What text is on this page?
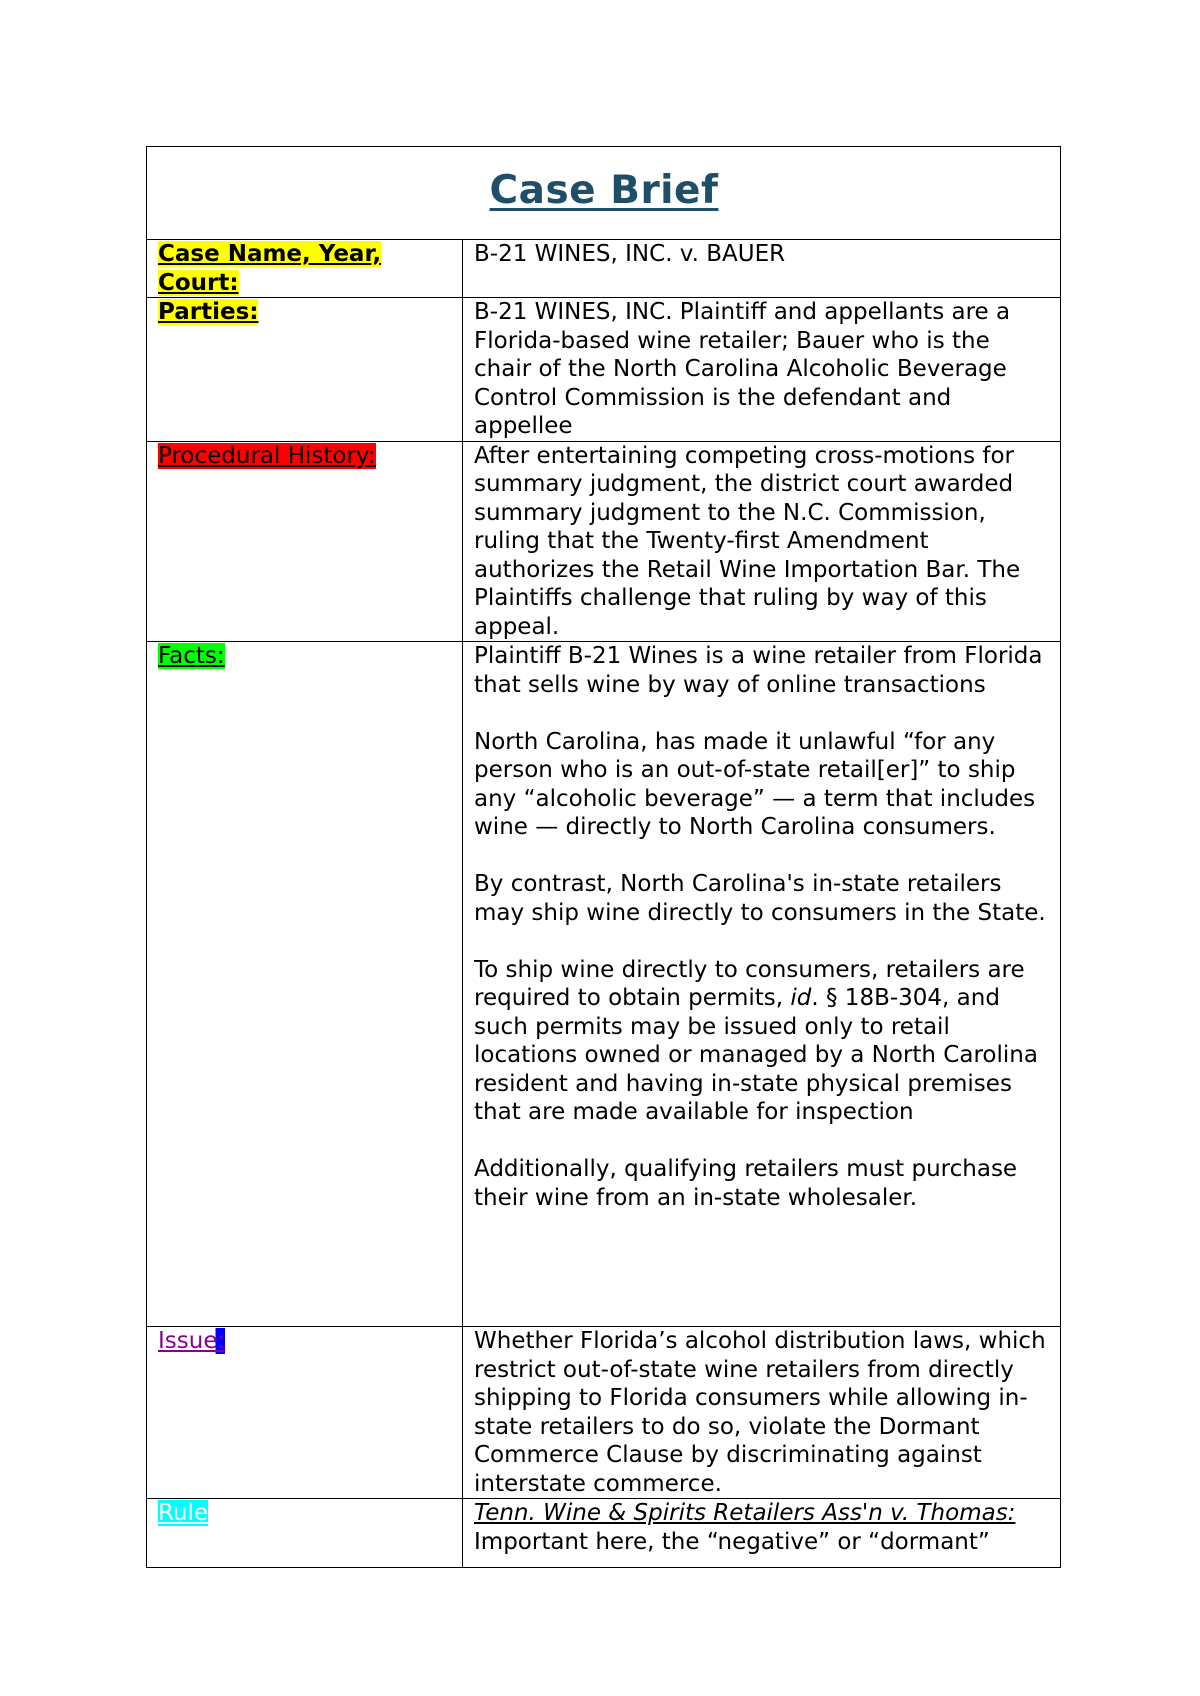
Case Brief	
Case Name, Year, Court:	B-21 WINES, INC. v. BAUER
Parties:	B-21 WINES, INC. Plaintiff and appellants are a Florida-based wine retailer; Bauer who is the chair of the North Carolina Alcoholic Beverage Control Commission is the defendant and appellee
Procedural History:	After entertaining competing cross-motions for summary judgment, the district court awarded summary judgment to the N.C. Commission, ruling that the Twenty-first Amendment authorizes the Retail Wine Importation Bar. The Plaintiffs challenge that ruling by way of this appeal.
Facts:	Plaintiff B-21 Wines is a wine retailer from Florida that sells wine by way of online transactions

North Carolina, has made it unlawful “for any person who is an out-of-state retail[er]” to ship any “alcoholic beverage” — a term that includes wine — directly to North Carolina consumers.

By contrast, North Carolina's in-state retailers may ship wine directly to consumers in the State.

To ship wine directly to consumers, retailers are required to obtain permits, id. § 18B-304, and such permits may be issued only to retail locations owned or managed by a North Carolina resident and having in-state physical premises that are made available for inspection

Additionally, qualifying retailers must purchase their wine from an in-state wholesaler.

Issue:	Whether Florida’s alcohol distribution laws, which restrict out-of-state wine retailers from directly shipping to Florida consumers while allowing in-state retailers to do so, violate the Dormant Commerce Clause by discriminating against interstate commerce.
Rule	Tenn. Wine & Spirits Retailers Ass'n v. Thomas:
Important here, the “negative” or “dormant”
